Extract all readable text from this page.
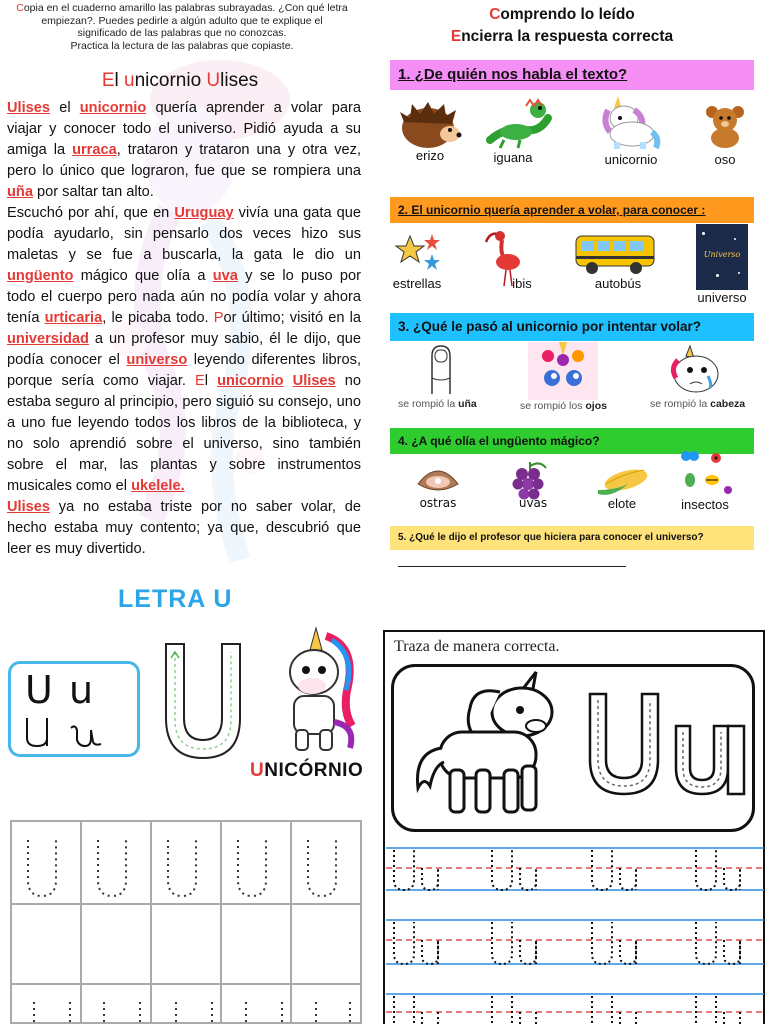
Copia en el cuaderno amarillo las palabras subrayadas. ¿Con qué letra
empiezan?. Puedes pedirle a algún adulto que te explique el
significado de las palabras que no conozcas.
Practica la lectura de las palabras que copiaste.
El unicornio Ulises

Ulises el unicornio quería aprender a volar para viajar y conocer todo el universo. Pidió ayuda a su amiga la urraca, trataron y trataron una y otra vez, pero lo único que lograron, fue que se rompiera una uña por saltar tan alto.

Escuchó por ahí, que en Uruguay vivía una gata que podía ayudarlo, sin pensarlo dos veces hizo sus maletas y se fue a buscarla, la gata le dio un ungüento mágico que olía a uva y se lo puso por todo el cuerpo pero nada aún no podía volar y ahora tenía urticaria, le picaba todo. Por último; visitó en la universidad a un profesor muy sabio, él le dijo, que podía conocer el universo leyendo diferentes libros, porque sería como viajar. El unicornio Ulises no estaba seguro al principio, pero siguió su consejo, uno a uno fue leyendo todos los libros de la biblioteca, y no solo aprendió sobre el universo, sino también sobre el mar, las plantas y sobre instrumentos musicales como el ukelele.

Ulises ya no estaba triste por no saber volar, de hecho estaba muy contento; ya que, descubrió que leer es muy divertido.

Comprendo lo leído
Encierra la respuesta correcta
1. ¿De quién nos habla el texto?
erizo	iguana	unicornio	oso
2. El unicornio quería aprender a volar, para conocer :
estrellas	ibis	autobús
Universo
universo
3. ¿Qué le pasó al unicornio por intentar volar?
se rompió la uña	se rompió los ojos	se rompió la cabeza
4. ¿A qué olía el ungüento mágico?
ostras	uvas	elote	insectos
5. ¿Qué le dijo el profesor que hiciera para conocer el universo?
LETRA U
U u
UNICÓRNIO
Traza de manera correcta.
